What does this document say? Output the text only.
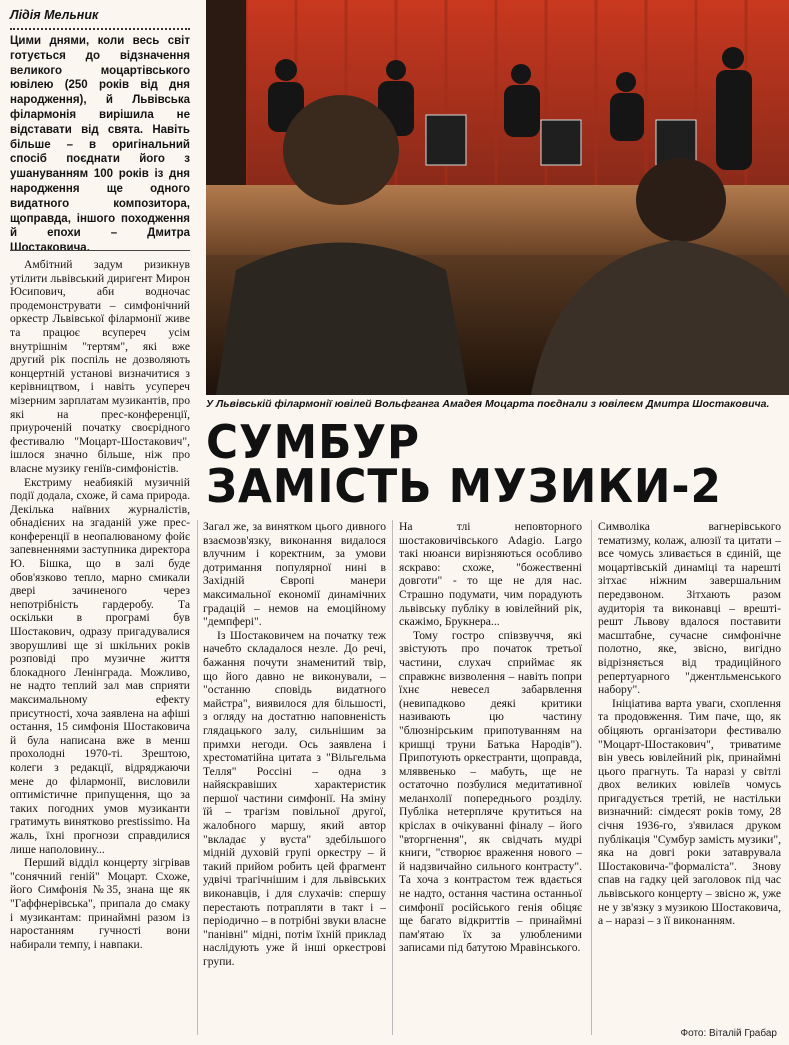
Лідія Мельник

Цими днями, коли весь світ готується до відзначення великого моцартівського ювілею (250 років від дня народження), й Львівська філармонія вирішила не відставати від свята. Навіть більше – в оригінальний спосіб поєднати його з ушануванням 100 років із дня народження ще одного видатного композитора, щоправда, іншого походження й епохи – Дмитра Шостаковича.

У Львівській філармонії ювілей Вольфганга Амадея Моцарта поєднали з ювілеєм Дмитра Шостаковича.
СУМБУР
ЗАМІСТЬ МУЗИКИ-2

Амбітний задум ризикнув утілити львівський диригент Мирон Юсипович, аби водночас продемонструвати – симфонічний оркестр Львівської філармонії живе та працює всупереч усім внутрішнім "тертям", які вже другий рік поспіль не дозволяють концертній установі визначитися з керівництвом, і навіть усупереч мізерним зарплатам музикантів, про які на прес-конференції, приуроченій початку своєрідного фестивалю "Моцарт-Шостакович", ішлося значно більше, ніж про власне музику геніїв-симфоністів.

Екстриму неабиякій музичній події додала, схоже, й сама природа. Декілька наївних журналістів, обнадієних на згаданій уже прес-конференції в неопалюваному фойє запевненнями заступника директора Ю. Бішка, що в залі буде обов'язково тепло, марно смикали двері зачиненого через непотрібність гардеробу. Та оскільки в програмі був Шостакович, одразу пригадувалися зворушливі ще зі шкільних років розповіді про музичне життя блокадного Ленінграда. Можливо, не надто теплий зал мав сприяти максимальному ефекту присутності, хоча заявлена на афіші остання, 15 симфонія Шостаковича й була написана вже в менш прохолодні 1970-ті. Зрештою, колеги з редакції, відряджаючи мене до філармонії, висловили оптимістичне припущення, що за таких погодних умов музиканти гратимуть винятково prestissimo. На жаль, їхні прогнози справдилися лише наполовину...

Перший відділ концерту зігрівав "сонячний геній" Моцарт. Схоже, його Симфонія №35, знана ще як "Гаффнерівська", припала до смаку і музикантам: принаймні разом із наростанням гучності вони набирали темпу, і навпаки.

Загал же, за винятком цього дивного взаємозв'язку, виконання видалося влучним і коректним, за умови дотримання популярної нині в Західній Європі манери максимальної економії динамічних градацій – немов на емоційному "демпфері".

Із Шостаковичем на початку теж начебто складалося незле. До речі, бажання почути знаменитий твір, що його давно не виконували, – "останню сповідь видатного майстра", виявилося для більшості, з огляду на достатню наповненість глядацького залу, сильнішим за примхи негоди. Ось заявлена і хрестоматійна цитата з "Вільгельма Телля" Россіні – одна з найяскравіших характеристик першої частини симфонії. На зміну їй – трагізм повільної другої, жалобного маршу, який автор "вкладає у вуста" здебільшого мідній духовій групі оркестру – й такий прийом робить цей фрагмент удвічі трагічнішим і для львівських виконавців, і для слухачів: спершу перестають потрапляти в такт і – періодично – в потрібні звуки власне "панівні" мідні, потім їхній приклад наслідують уже й інші оркестрові групи.

На тлі неповторного шостаковичівського Adagio. Largo такі нюанси вирізняються особливо яскраво: схоже, "божественні довготи" - то ще не для нас. Страшно подумати, чим порадують львівську публіку в ювілейний рік, скажімо, Брукнера...

Тому гостро співзвуччя, які звістують про початок третьої частини, слухач сприймає як справжнє визволення – навіть попри їхнє невесел забарвлення (невипадково деякі критики називають цю частину "блюзнірським припотуванням на кришці труни Батька Народів"). Припотують оркестранти, щоправда, мляввенько – мабуть, ще не остаточно позбулися медитативної меланхолії попереднього розділу. Публіка нетерпляче крутиться на кріслах в очікуванні фіналу – його "вторгнення", як свідчать мудрі книги, "створює враження нового – й надзвичайно сильного контрасту". Та хоча з контрастом теж вдається не надто, остання частина останньої симфонії російського генія обіцяє ще багато відкриттів – принаймні пам'ятаю їх за улюбленими записами під батутою Мравінського.

Символіка вагнерівського тематизму, колаж, алюзії та цитати – все чомусь зливається в єдиній, ще моцартівській динаміці та нарешті зітхає ніжним завершальним передзвоном. Зітхають разом аудиторія та виконавці – врешті-решт Львову вдалося поставити масштабне, сучасне симфонічне полотно, яке, звісно, вигідно відрізняється від традиційного репертуарного "джентльменського набору".

Ініціатива варта уваги, схоплення та продовження. Тим паче, що, як обіцяють організатори фестивалю "Моцарт-Шостакович", триватиме він увесь ювілейний рік, принаймні цього прагнуть. Та наразі у світлі двох великих ювілеїв чомусь пригадується третій, не настільки визначний: сімдесят років тому, 28 січня 1936-го, з'явилася друком публікація "Сумбур замість музики", яка на довгі роки затаврувала Шостаковича-"формаліста". Знову спав на гадку цей заголовок під час львівського концерту – звісно ж, уже не у зв'язку з музикою Шостаковича, а – наразі – з її виконанням.

Фото: Віталій Грабар
